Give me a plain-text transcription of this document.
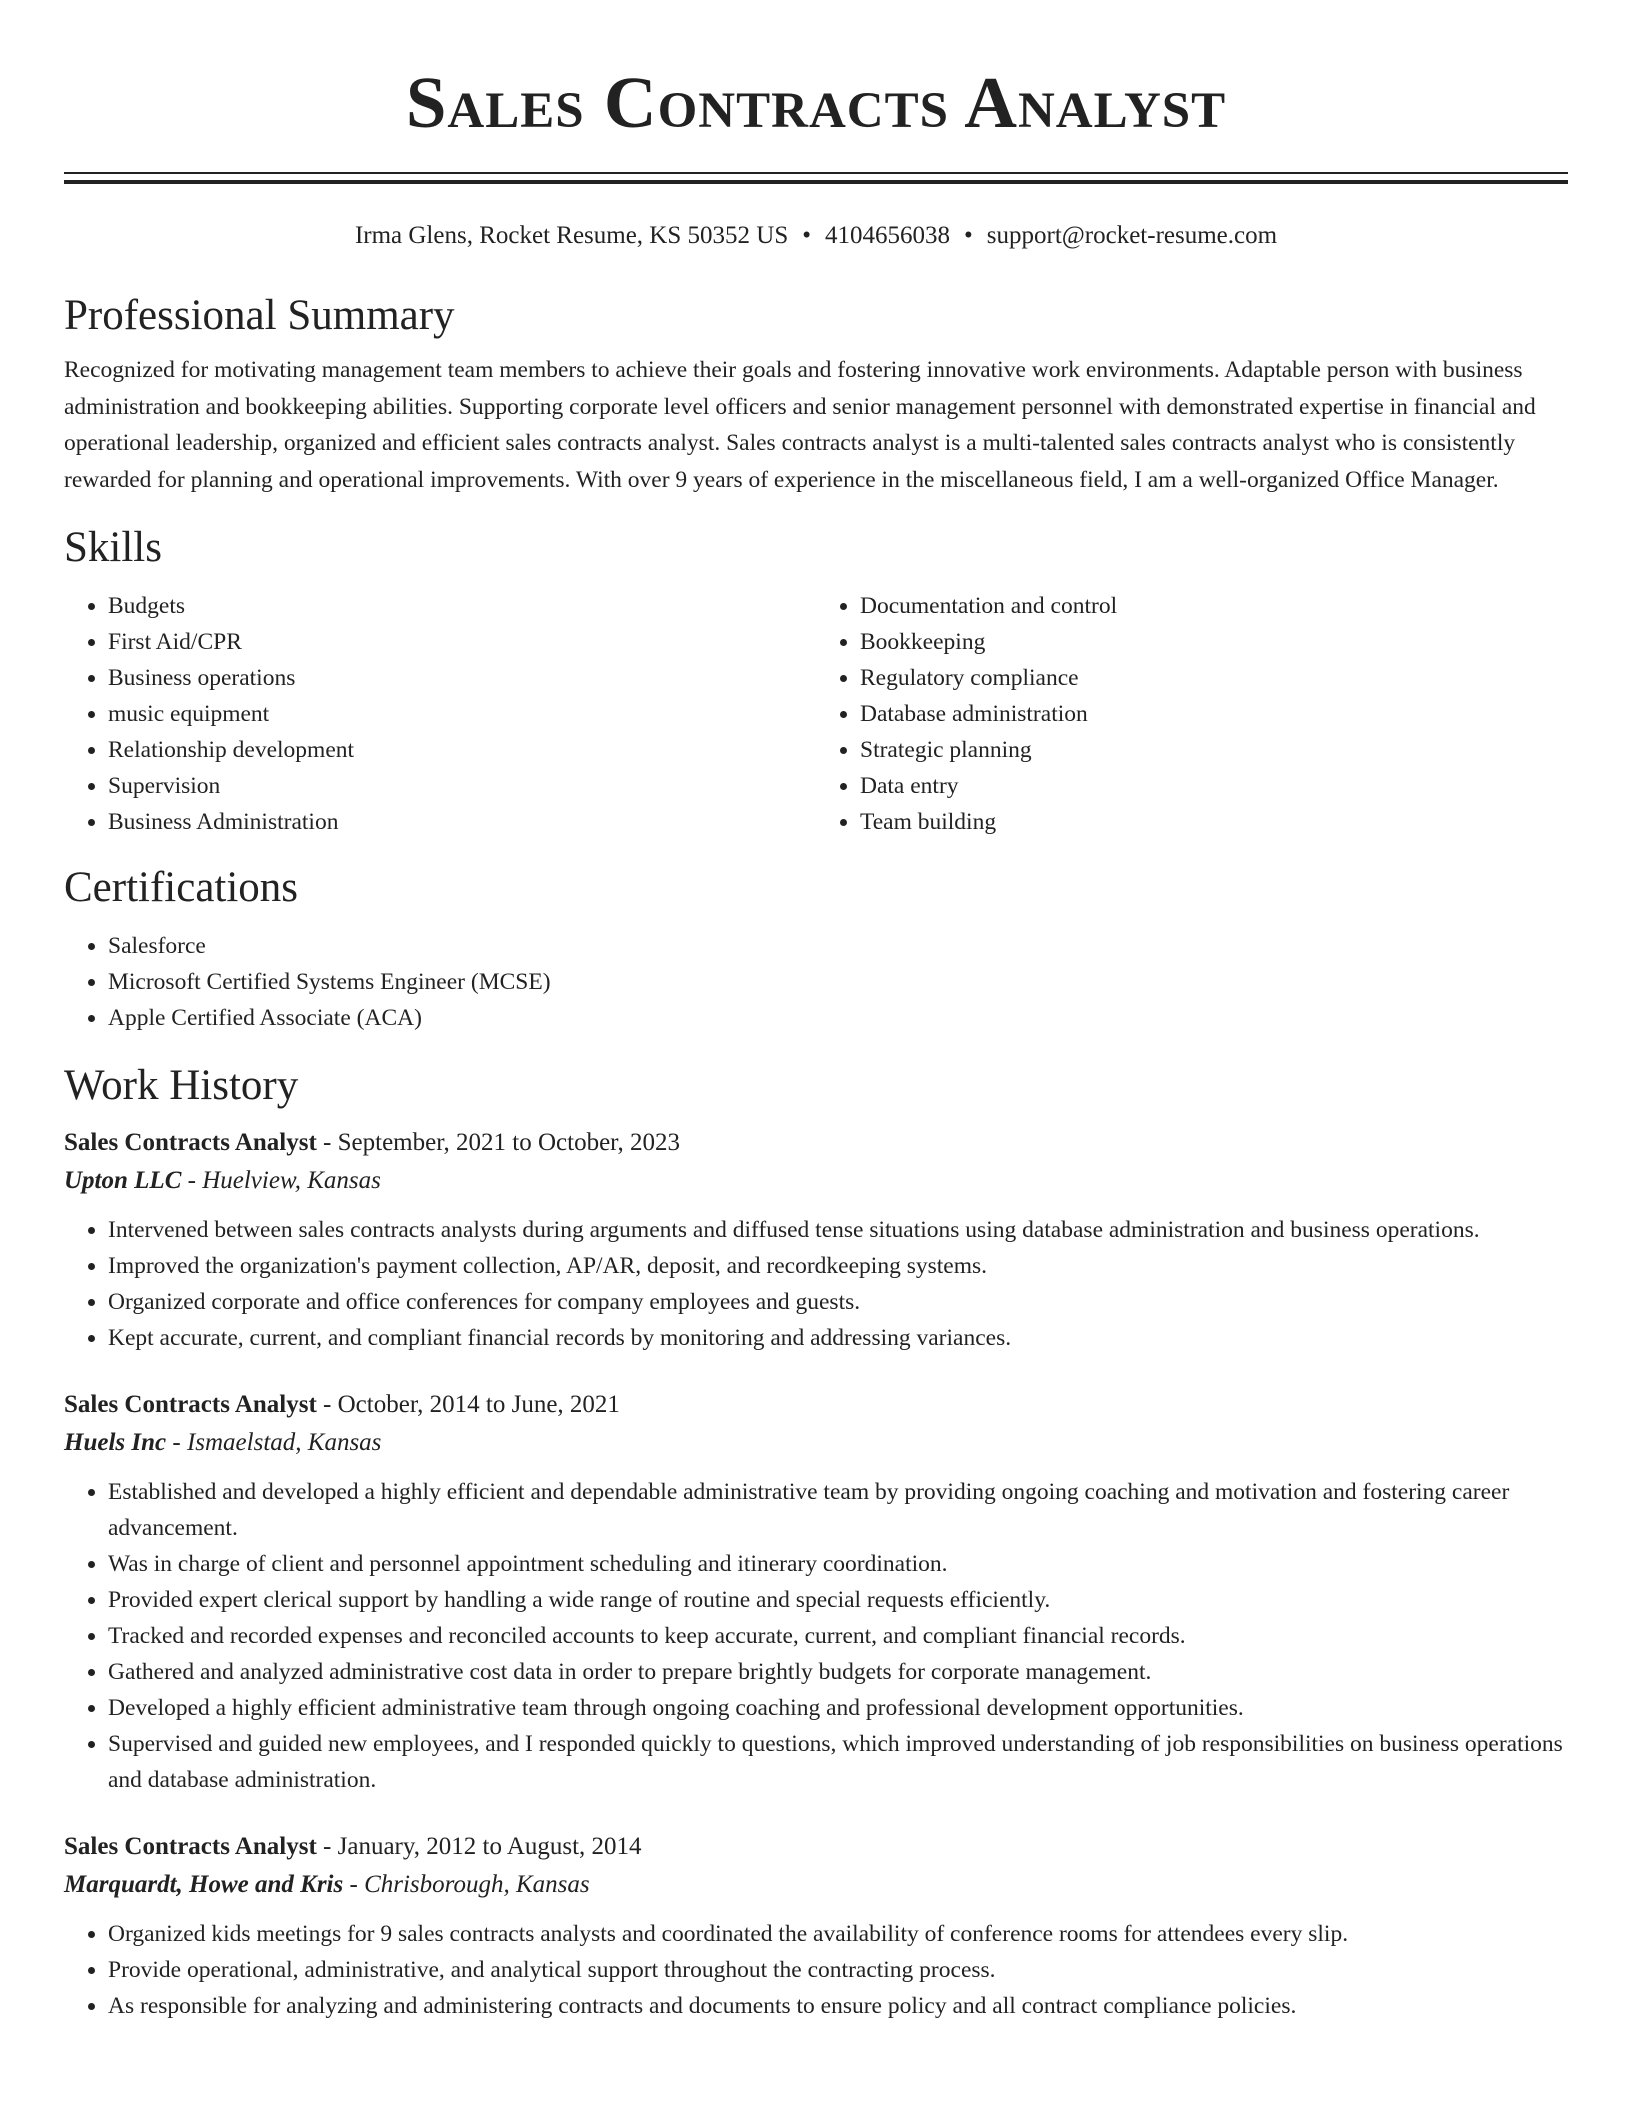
Sales Contracts Analyst
Irma Glens, Rocket Resume, KS 50352 US • 4104656038 • support@rocket-resume.com
Professional Summary

Recognized for motivating management team members to achieve their goals and fostering innovative work environments. Adaptable person with business administration and bookkeeping abilities. Supporting corporate level officers and senior management personnel with demonstrated expertise in financial and operational leadership, organized and efficient sales contracts analyst. Sales contracts analyst is a multi-talented sales contracts analyst who is consistently rewarded for planning and operational improvements. With over 9 years of experience in the miscellaneous field, I am a well-organized Office Manager.

Skills
• Budgets
• First Aid/CPR
• Business operations
• music equipment
• Relationship development
• Supervision
• Business Administration
• Documentation and control
• Bookkeeping
• Regulatory compliance
• Database administration
• Strategic planning
• Data entry
• Team building
Certifications
• Salesforce
• Microsoft Certified Systems Engineer (MCSE)
• Apple Certified Associate (ACA)
Work History
Sales Contracts Analyst - September, 2021 to October, 2023
Upton LLC - Huelview, Kansas
• Intervened between sales contracts analysts during arguments and diffused tense situations using database administration and business operations.
• Improved the organization's payment collection, AP/AR, deposit, and recordkeeping systems.
• Organized corporate and office conferences for company employees and guests.
• Kept accurate, current, and compliant financial records by monitoring and addressing variances.
Sales Contracts Analyst - October, 2014 to June, 2021
Huels Inc - Ismaelstad, Kansas
• Established and developed a highly efficient and dependable administrative team by providing ongoing coaching and motivation and fostering career advancement.
• Was in charge of client and personnel appointment scheduling and itinerary coordination.
• Provided expert clerical support by handling a wide range of routine and special requests efficiently.
• Tracked and recorded expenses and reconciled accounts to keep accurate, current, and compliant financial records.
• Gathered and analyzed administrative cost data in order to prepare brightly budgets for corporate management.
• Developed a highly efficient administrative team through ongoing coaching and professional development opportunities.
• Supervised and guided new employees, and I responded quickly to questions, which improved understanding of job responsibilities on business operations and database administration.
Sales Contracts Analyst - January, 2012 to August, 2014
Marquardt, Howe and Kris - Chrisborough, Kansas
• Organized kids meetings for 9 sales contracts analysts and coordinated the availability of conference rooms for attendees every slip.
• Provide operational, administrative, and analytical support throughout the contracting process.
• As responsible for analyzing and administering contracts and documents to ensure policy and all contract compliance policies.
